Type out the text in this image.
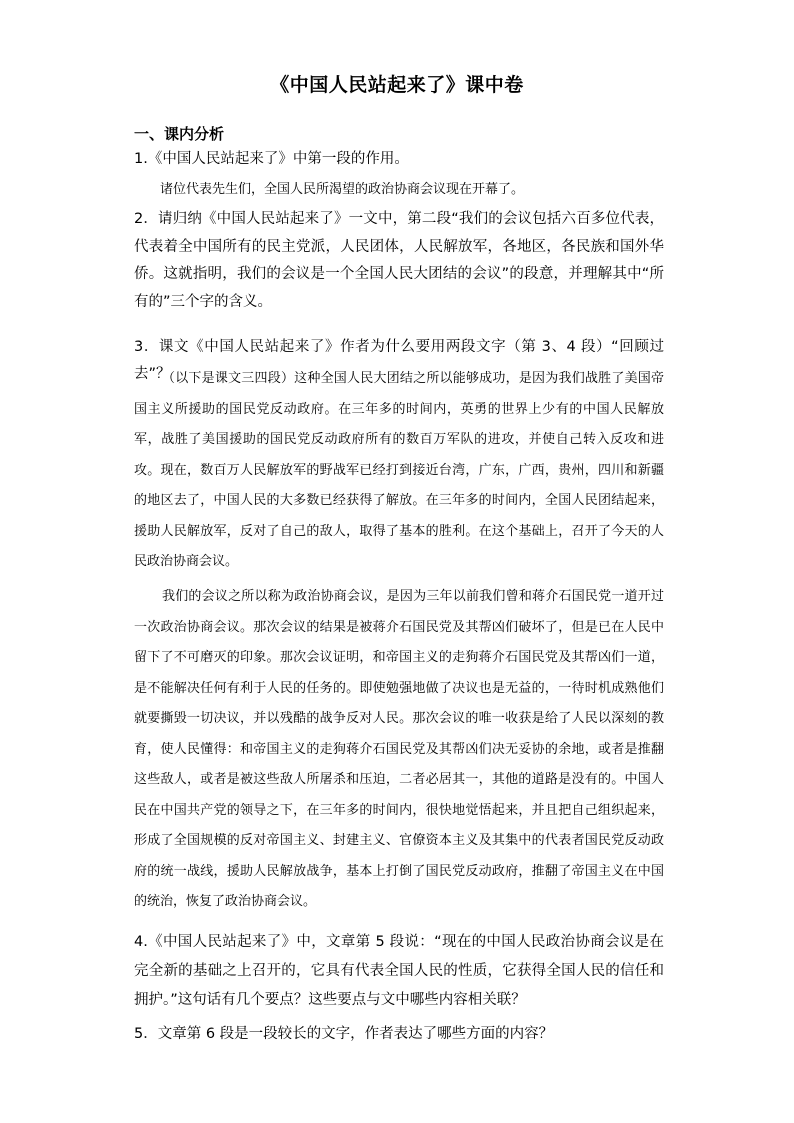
《中国人民站起来了》课中卷
一、课内分析
1.《中国人民站起来了》中第一段的作用。
诸位代表先生们，全国人民所渴望的政治协商会议现在开幕了。
2．请归纳《中国人民站起来了》一文中，第二段“我们的会议包括六百多位代表，代表着全中国所有的民主党派，人民团体，人民解放军，各地区，各民族和国外华侨。这就指明，我们的会议是一个全国人民大团结的会议”的段意，并理解其中“所有的”三个字的含义。
3．课文《中国人民站起来了》作者为什么要用两段文字（第 3、4 段）“回顾过去”？
（以下是课文三四段）这种全国人民大团结之所以能够成功，是因为我们战胜了美国帝国主义所援助的国民党反动政府。在三年多的时间内，英勇的世界上少有的中国人民解放军，战胜了美国援助的国民党反动政府所有的数百万军队的进攻，并使自己转入反攻和进攻。现在，数百万人民解放军的野战军已经打到接近台湾，广东，广西，贵州，四川和新疆的地区去了，中国人民的大多数已经获得了解放。在三年多的时间内，全国人民团结起来，援助人民解放军，反对了自己的敌人，取得了基本的胜利。在这个基础上，召开了今天的人民政治协商会议。
我们的会议之所以称为政治协商会议，是因为三年以前我们曾和蒋介石国民党一道开过一次政治协商会议。那次会议的结果是被蒋介石国民党及其帮凶们破坏了，但是已在人民中留下了不可磨灭的印象。那次会议证明，和帝国主义的走狗蒋介石国民党及其帮凶们一道，是不能解决任何有利于人民的任务的。即使勉强地做了决议也是无益的，一待时机成熟他们就要撕毁一切决议，并以残酷的战争反对人民。那次会议的唯一收获是给了人民以深刻的教育，使人民懂得：和帝国主义的走狗蒋介石国民党及其帮凶们决无妥协的余地，或者是推翻这些敌人，或者是被这些敌人所屠杀和压迫，二者必居其一，其他的道路是没有的。中国人民在中国共产党的领导之下，在三年多的时间内，很快地觉悟起来，并且把自己组织起来，形成了全国规模的反对帝国主义、封建主义、官僚资本主义及其集中的代表者国民党反动政府的统一战线，援助人民解放战争，基本上打倒了国民党反动政府，推翻了帝国主义在中国的统治，恢复了政治协商会议。
4.《中国人民站起来了》中，文章第 5 段说：“现在的中国人民政治协商会议是在完全新的基础之上召开的，它具有代表全国人民的性质，它获得全国人民的信任和拥护。”这句话有几个要点？这些要点与文中哪些内容相关联？
5．文章第 6 段是一段较长的文字，作者表达了哪些方面的内容？
